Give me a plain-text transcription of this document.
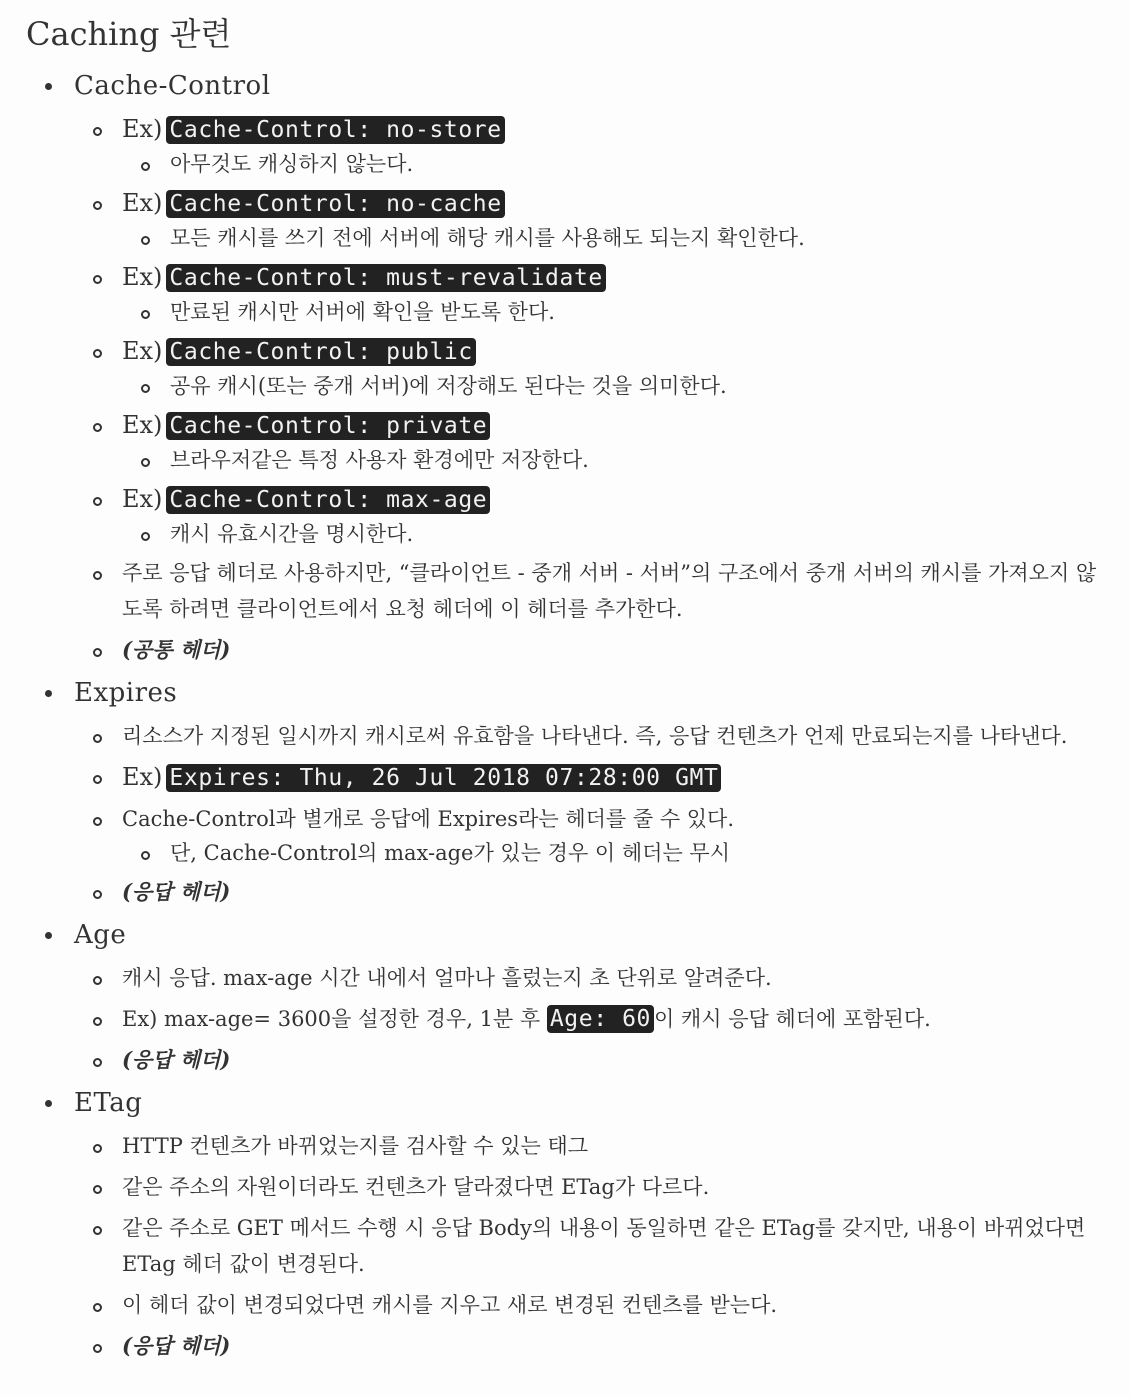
Caching 관련
Cache-Control
Ex) Cache-Control: no-store
아무것도 캐싱하지 않는다.
Ex) Cache-Control: no-cache
모든 캐시를 쓰기 전에 서버에 해당 캐시를 사용해도 되는지 확인한다.
Ex) Cache-Control: must-revalidate
만료된 캐시만 서버에 확인을 받도록 한다.
Ex) Cache-Control: public
공유 캐시(또는 중개 서버)에 저장해도 된다는 것을 의미한다.
Ex) Cache-Control: private
브라우저같은 특정 사용자 환경에만 저장한다.
Ex) Cache-Control: max-age
캐시 유효시간을 명시한다.
주로 응답 헤더로 사용하지만, “클라이언트 - 중개 서버 - 서버”의 구조에서 중개 서버의 캐시를 가져오지 않도록 하려면 클라이언트에서 요청 헤더에 이 헤더를 추가한다.
(공통 헤더)
Expires
리소스가 지정된 일시까지 캐시로써 유효함을 나타낸다. 즉, 응답 컨텐츠가 언제 만료되는지를 나타낸다.
Ex) Expires: Thu, 26 Jul 2018 07:28:00 GMT
Cache-Control과 별개로 응답에 Expires라는 헤더를 줄 수 있다.
단, Cache-Control의 max-age가 있는 경우 이 헤더는 무시
(응답 헤더)
Age
캐시 응답. max-age 시간 내에서 얼마나 흘렀는지 초 단위로 알려준다.
Ex) max-age= 3600을 설정한 경우, 1분 후 Age: 60 이 캐시 응답 헤더에 포함된다.
(응답 헤더)
ETag
HTTP 컨텐츠가 바뀌었는지를 검사할 수 있는 태그
같은 주소의 자원이더라도 컨텐츠가 달라졌다면 ETag가 다르다.
같은 주소로 GET 메서드 수행 시 응답 Body의 내용이 동일하면 같은 ETag를 갖지만, 내용이 바뀌었다면 ETag 헤더 값이 변경된다.
이 헤더 값이 변경되었다면 캐시를 지우고 새로 변경된 컨텐츠를 받는다.
(응답 헤더)
